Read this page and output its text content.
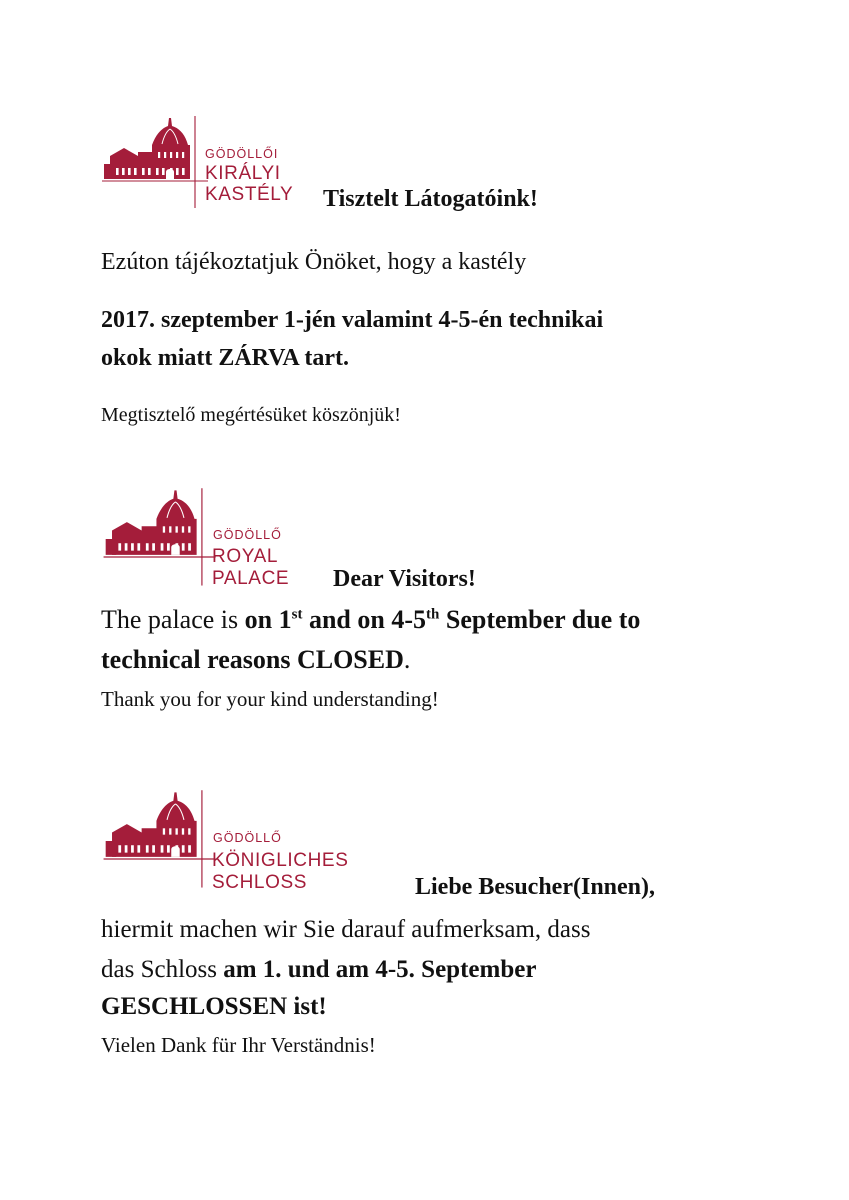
GÖDÖLLŐI
KIRÁLYI
KASTÉLY Tisztelt Látogatóink!
Ezúton tájékoztatjuk Önöket, hogy a kastély
2017. szeptember 1-jén valamint 4-5-én technikai
okok miatt ZÁRVA tart.
Megtisztelő megértésüket köszönjük!
GÖDÖLLŐ
ROYAL
PALACE Dear Visitors!
The palace is on 1st and on 4-5th September due to
technical reasons CLOSED.
Thank you for your kind understanding!
GÖDÖLLŐ
KÖNIGLICHES
SCHLOSS	Liebe Besucher(Innen),
hiermit machen wir Sie darauf aufmerksam, dass
das Schloss am 1. und am 4-5. September
GESCHLOSSEN ist!
Vielen Dank für Ihr Verständnis!
